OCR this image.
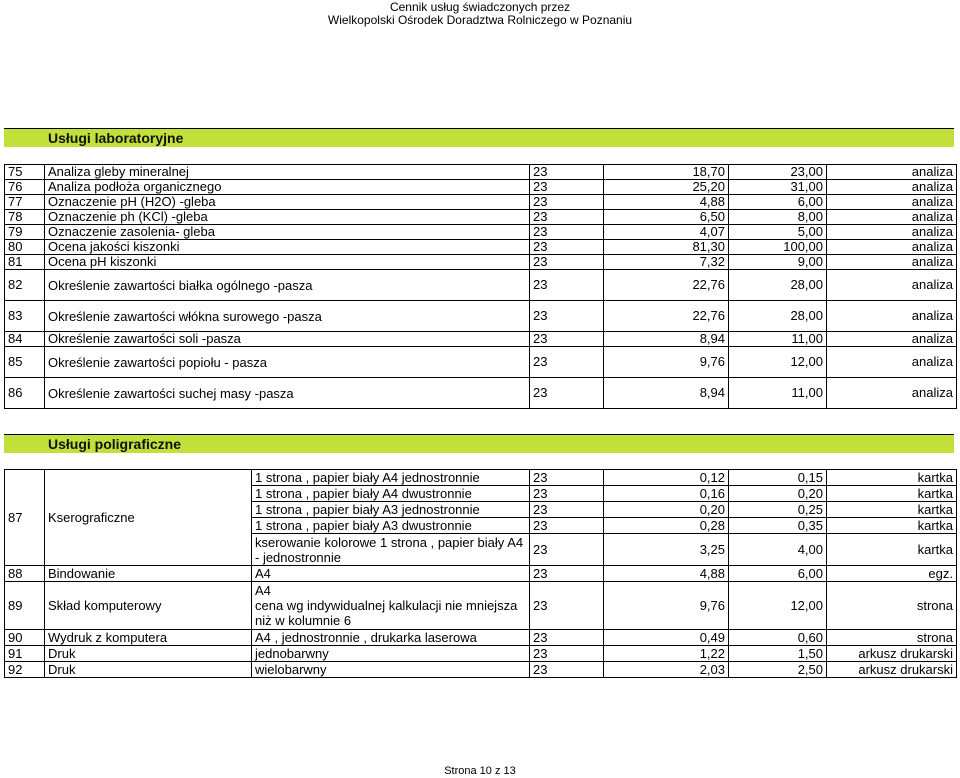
Cennik usług świadczonych przez
Wielkopolski Ośrodek Doradztwa Rolniczego w Poznaniu
Usługi laboratoryjne
75	Analiza gleby mineralnej	23	18,70	23,00	analiza
76	Analiza podłoża organicznego	23	25,20	31,00	analiza
77	Oznaczenie pH (H2O) -gleba	23	4,88	6,00	analiza
78	Oznaczenie ph (KCl) -gleba	23	6,50	8,00	analiza
79	Oznaczenie zasolenia- gleba	23	4,07	5,00	analiza
80	Ocena jakości kiszonki	23	81,30	100,00	analiza
81	Ocena pH kiszonki	23	7,32	9,00	analiza
82	Określenie zawartości białka ogólnego -pasza	23	22,76	28,00	analiza
83	Określenie zawartości włókna surowego -pasza	23	22,76	28,00	analiza
84	Określenie zawartości soli -pasza	23	8,94	11,00	analiza
85	Określenie zawartości popiołu - pasza	23	9,76	12,00	analiza
86	Określenie zawartości suchej masy -pasza	23	8,94	11,00	analiza
Usługi poligraficzne
87	Kserograficzne	1 strona , papier biały A4 jednostronnie	23	0,12	0,15	kartka
		1 strona , papier biały A4 dwustronnie	23	0,16	0,20	kartka
		1 strona , papier biały A3 jednostronnie	23	0,20	0,25	kartka
		1 strona , papier biały A3 dwustronnie	23	0,28	0,35	kartka
		kserowanie kolorowe 1 strona , papier biały A4 - jednostronnie	23	3,25	4,00	kartka
88	Bindowanie	A4	23	4,88	6,00	egz.
89	Skład komputerowy	A4
cena wg indywidualnej kalkulacji nie mniejsza
niż w kolumnie 6	23	9,76	12,00	strona
90	Wydruk z komputera	A4 , jednostronnie , drukarka laserowa	23	0,49	0,60	strona
91	Druk	jednobarwny	23	1,22	1,50	arkusz drukarski
92	Druk	wielobarwny	23	2,03	2,50	arkusz drukarski
Strona 10 z 13
